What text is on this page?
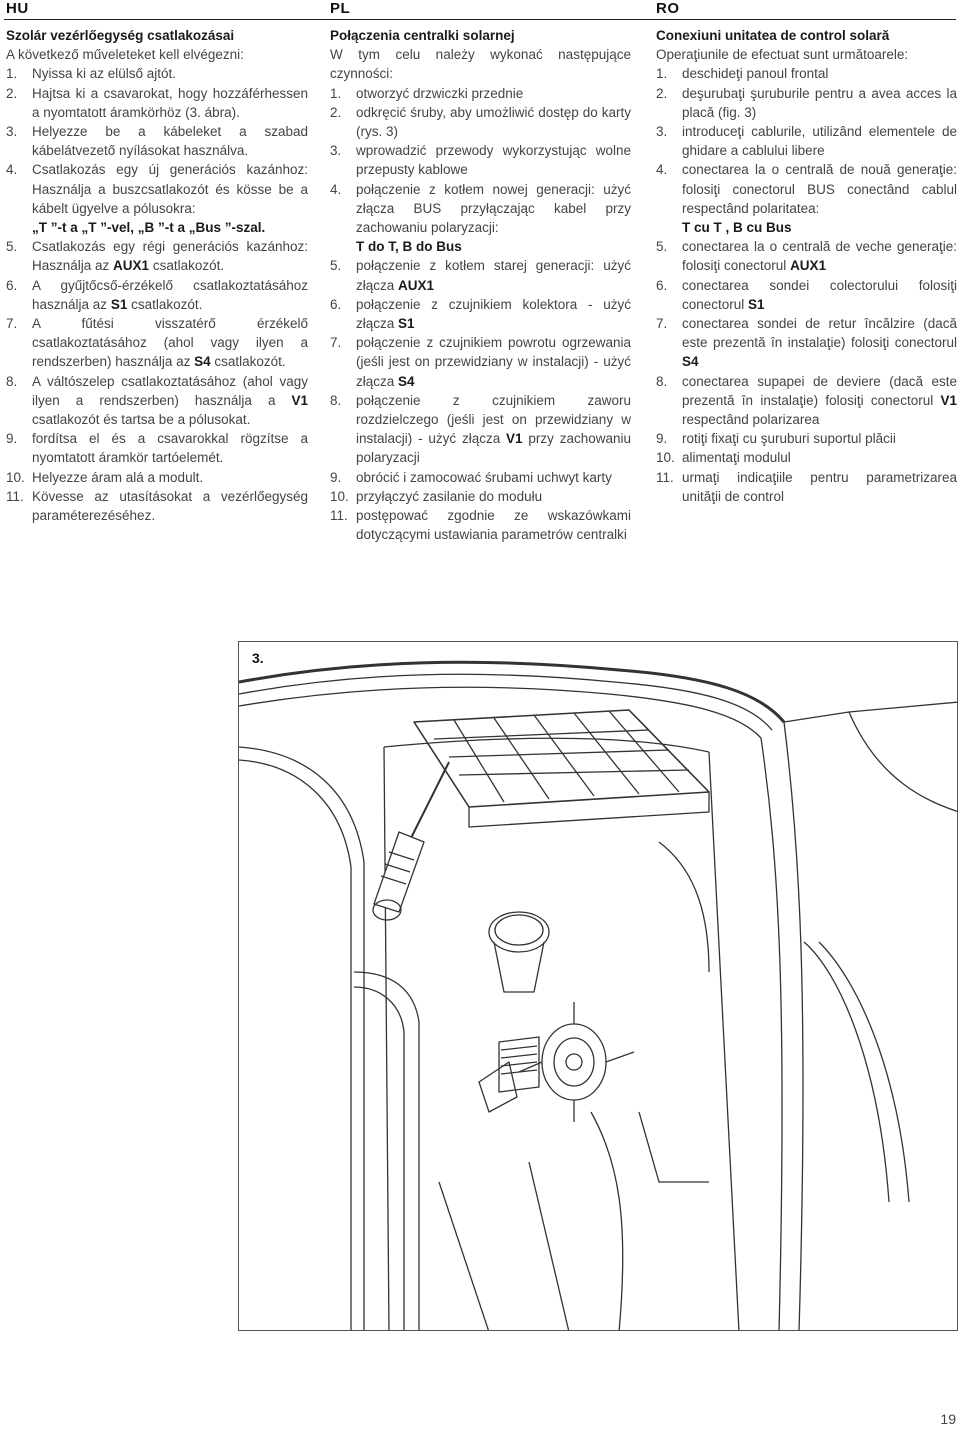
HU	PL	RO
Szolár vezérlőegység csatlakozásai
A következő műveleteket kell elvégezni:
1.	Nyissa ki az elülső ajtót.
2.	Hajtsa ki a csavarokat, hogy hozzáférhessen a nyomtatott áramkörhöz (3. ábra).
3.	Helyezze be a kábeleket a szabad kábelátvezető nyílásokat használva.
4.	Csatlakozás egy új generációs kazánhoz: Használja a buszcsatlakozót és kösse be a kábelt ügyelve a pólusokra:
„T ”-t a „T ”-vel, „B ”-t a „Bus ”-szal.
5.	Csatlakozás egy régi generációs kazánhoz: Használja az AUX1 csatlakozót.
6.	A gyűjtőcső-érzékelő csatlakoztatásához használja az S1 csatlakozót.
7.	A fűtési visszatérő érzékelő csatlakoztatásához (ahol vagy ilyen a rendszerben) használja az S4 csatlakozót.
8.	A váltószelep csatlakoztatásához (ahol vagy ilyen a rendszerben) használja a V1 csatlakozót és tartsa be a pólusokat.
9.	fordítsa el és a csavarokkal rögzítse a nyomtatott áramkör tartóelemét.
10. Helyezze áram alá a modult.
11. Kövesse az utasításokat a vezérlőegység paraméterezéséhez.
Połączenia centralki solarnej
W tym celu należy wykonać następujące czynności:
1.	otworzyć drzwiczki przednie
2.	odkręcić śruby, aby umożliwić dostęp do karty (rys. 3)
3.	wprowadzić przewody wykorzystując wolne przepusty kablowe
4.	połączenie z kotłem nowej generacji: użyć złącza BUS przyłączając kabel przy zachowaniu polaryzacji:
T do T, B do Bus
5.	połączenie z kotłem starej generacji: użyć złącza AUX1
6.	połączenie z czujnikiem kolektora - użyć złącza S1
7.	połączenie z czujnikiem powrotu ogrzewania (jeśli jest on przewidziany w instalacji) - użyć złącza S4
8.	połączenie z czujnikiem zaworu rozdzielczego (jeśli jest on przewidziany w instalacji) - użyć złącza V1 przy zachowaniu polaryzacji
9.	obrócić i zamocować śrubami uchwyt karty
10. przyłączyć zasilanie do modułu
11. postępować zgodnie ze wskazówkami dotyczącymi ustawiania parametrów centralki
Conexiuni unitatea de control solară
Operaţiunile de efectuat sunt următoarele:
1.	deschideţi panoul frontal
2.	deşurubaţi şuruburile pentru a avea acces la placă (fig. 3)
3.	introduceţi cablurile, utilizând elementele de ghidare a cablului libere
4.	conectarea la o centrală de nouă generaţie: folosiţi conectorul BUS conectând cablul respectând polaritatea:
T cu T , B cu Bus
5.	conectarea la o centrală de veche generaţie: folosiţi conectorul AUX1
6.	conectarea sondei colectorului folosiţi conectorul S1
7.	conectarea sondei de retur încălzire (dacă este prezentă în instalaţie) folosiţi conectorul S4
8.	conectarea supapei de deviere (dacă este prezentă în instalaţie) folosiţi conectorul V1 respectând polarizarea
9.	rotiţi fixaţi cu şuruburi suportul plăcii
10. alimentaţi modulul
11. urmaţi indicaţiile pentru parametrizarea unităţii de control
3.
19
